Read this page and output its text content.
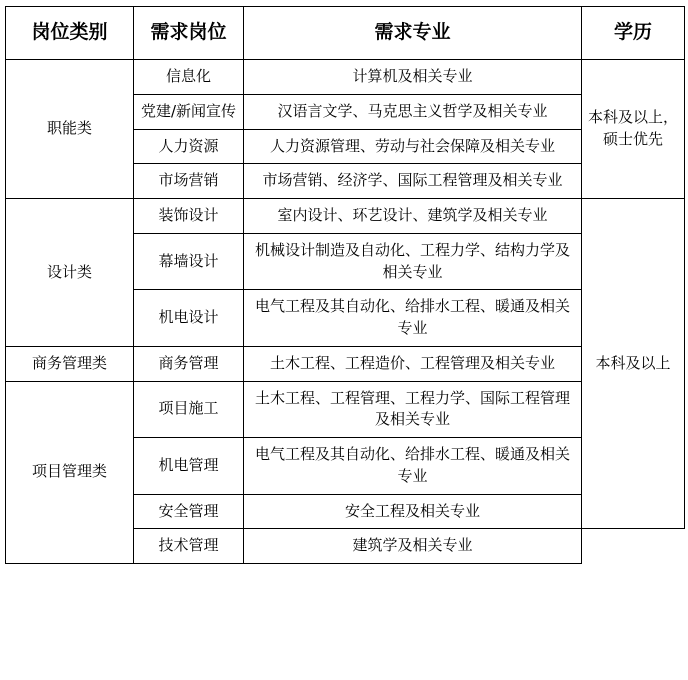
岗位类别	需求岗位	需求专业	学历
职能类	信息化	计算机及相关专业	本科及以上，硕士优先
	党建/新闻宣传	汉语言文学、马克思主义哲学及相关专业	
	人力资源	人力资源管理、劳动与社会保障及相关专业	
	市场营销	市场营销、经济学、国际工程管理及相关专业	
设计类	装饰设计	室内设计、环艺设计、建筑学及相关专业	本科及以上
	幕墙设计	机械设计制造及自动化、工程力学、结构力学及相关专业	
	机电设计	电气工程及其自动化、给排水工程、暖通及相关专业	
商务管理类	商务管理	土木工程、工程造价、工程管理及相关专业	
项目管理类	项目施工	土木工程、工程管理、工程力学、国际工程管理及相关专业	
	机电管理	电气工程及其自动化、给排水工程、暖通及相关专业	
	安全管理	安全工程及相关专业	
	技术管理	建筑学及相关专业	
